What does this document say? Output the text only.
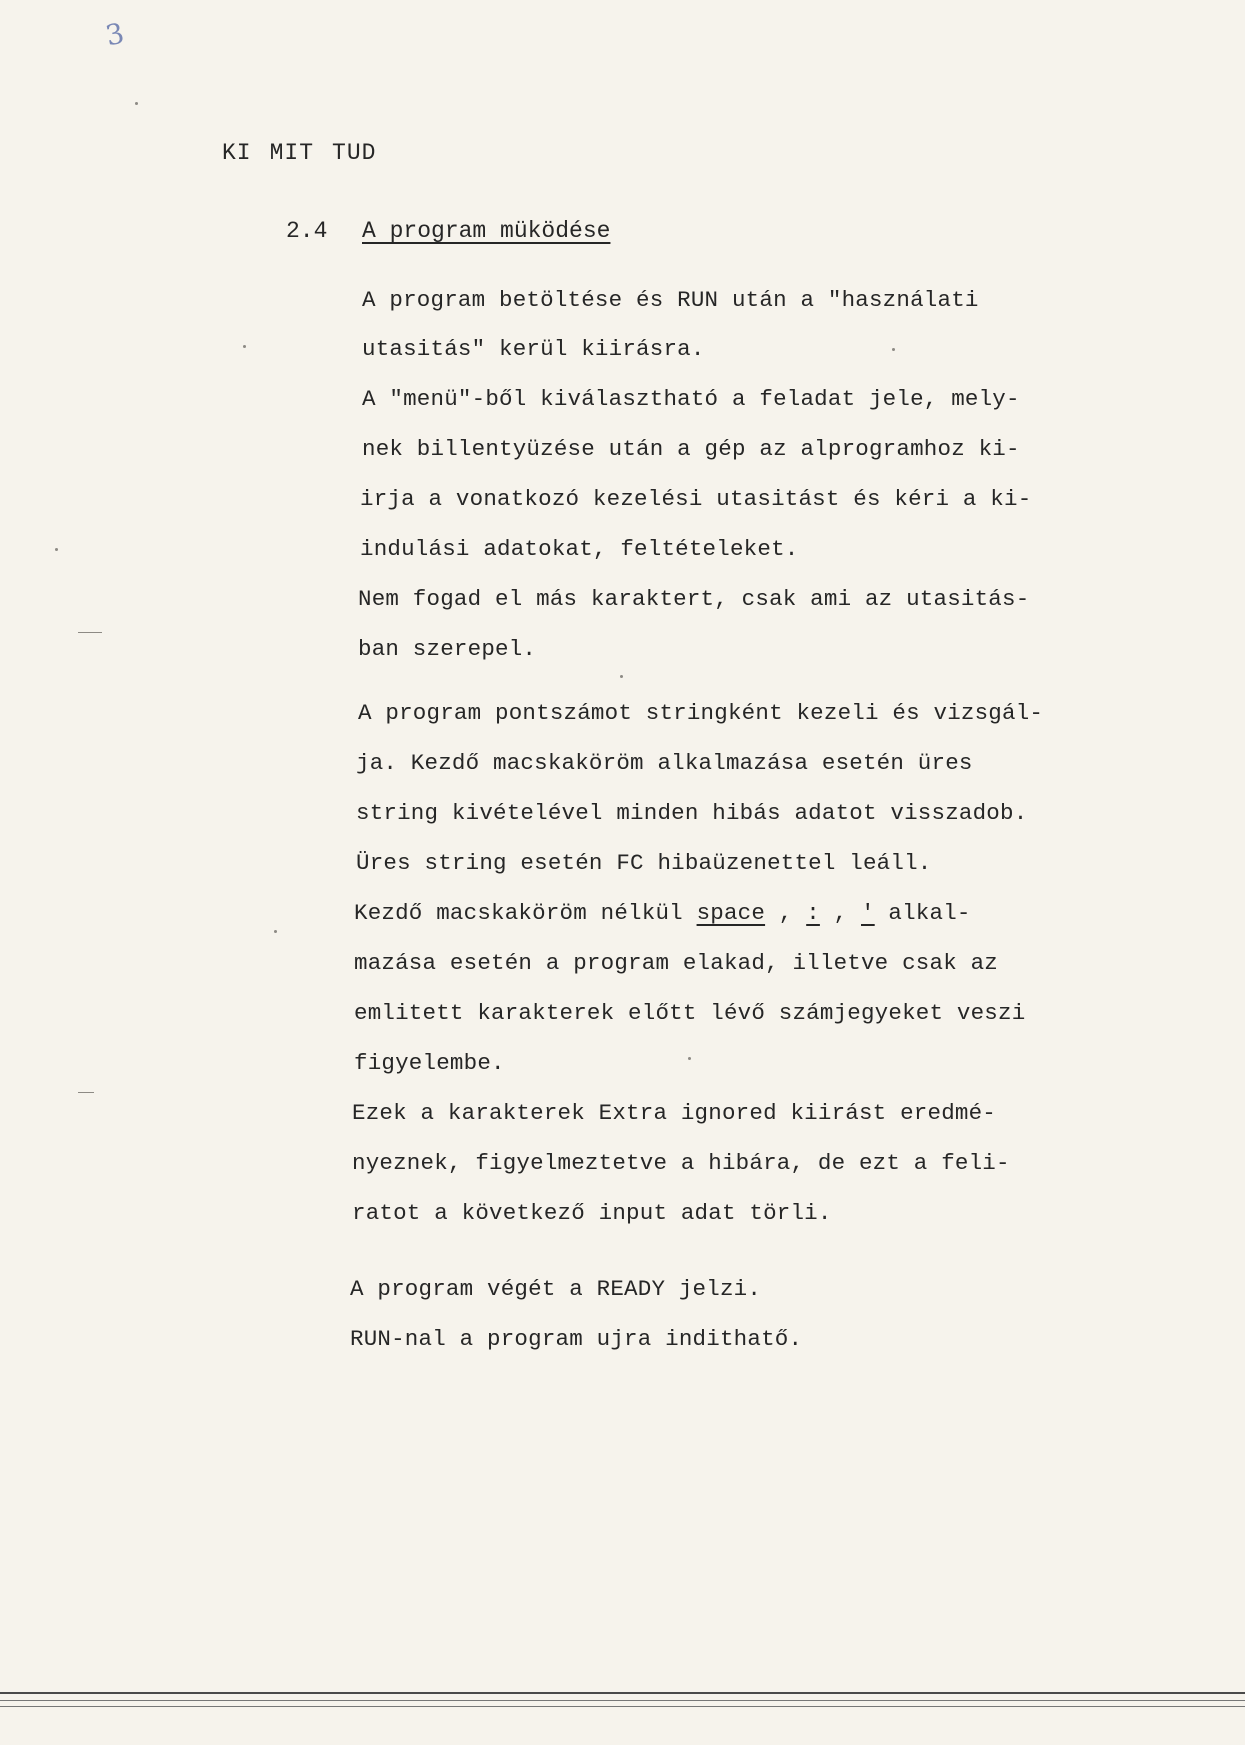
3
KI MIT TUD
2.4 A program müködése
A program betöltése és RUN után a "használati
utasitás" kerül kiirásra.
A "menü"-ből kiválasztható a feladat jele, mely-
nek billentyüzése után a gép az alprogramhoz ki-
irja a vonatkozó kezelési utasitást és kéri a ki-
indulási adatokat, feltételeket.
Nem fogad el más karaktert, csak ami az utasitás-
ban szerepel.
A program pontszámot stringként kezeli és vizsgál-
ja. Kezdő macskaköröm alkalmazása esetén üres
string kivételével minden hibás adatot visszadob.
Üres string esetén FC hibaüzenettel leáll.
Kezdő macskaköröm nélkül space , : , ' alkal-
mazása esetén a program elakad, illetve csak az
emlitett karakterek előtt lévő számjegyeket veszi
figyelembe.
Ezek a karakterek Extra ignored kiirást eredmé-
nyeznek, figyelmeztetve a hibára, de ezt a feli-
ratot a következő input adat törli.
A program végét a READY jelzi.
RUN-nal a program ujra indithatő.
